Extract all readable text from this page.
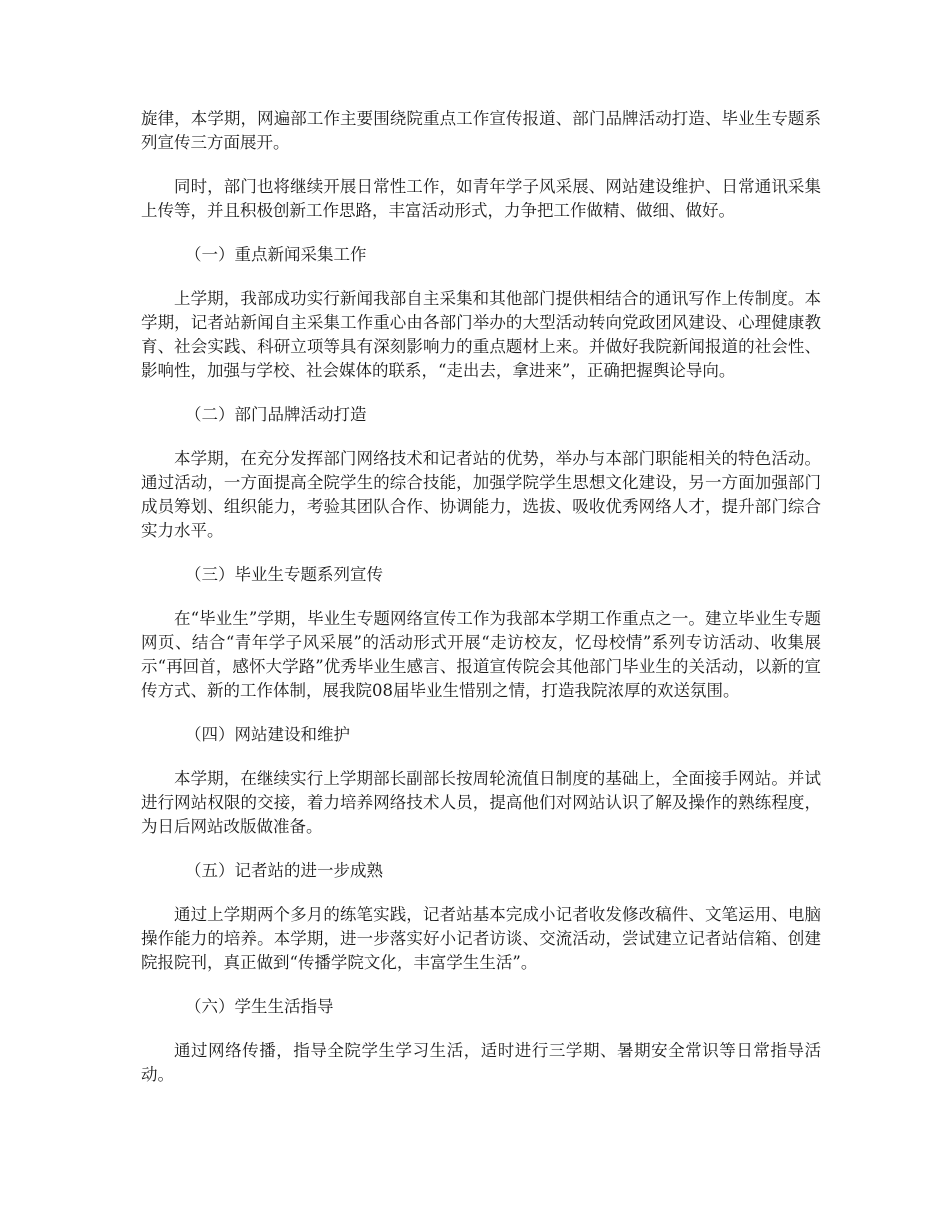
旋律，本学期，网遍部工作主要围绕院重点工作宣传报道、部门品牌活动打造、毕业生专题系列宣传三方面展开。

同时，部门也将继续开展日常性工作，如青年学子风采展、网站建设维护、日常通讯采集上传等，并且积极创新工作思路，丰富活动形式，力争把工作做精、做细、做好。

（一）重点新闻采集工作

上学期，我部成功实行新闻我部自主采集和其他部门提供相结合的通讯写作上传制度。本学期，记者站新闻自主采集工作重心由各部门举办的大型活动转向党政团风建设、心理健康教育、社会实践、科研立项等具有深刻影响力的重点题材上来。并做好我院新闻报道的社会性、影响性，加强与学校、社会媒体的联系，“走出去，拿进来”，正确把握舆论导向。

（二）部门品牌活动打造

本学期，在充分发挥部门网络技术和记者站的优势，举办与本部门职能相关的特色活动。通过活动，一方面提高全院学生的综合技能，加强学院学生思想文化建设，另一方面加强部门成员筹划、组织能力，考验其团队合作、协调能力，选拔、吸收优秀网络人才，提升部门综合实力水平。

（三）毕业生专题系列宣传

在“毕业生”学期，毕业生专题网络宣传工作为我部本学期工作重点之一。建立毕业生专题网页、结合“青年学子风采展”的活动形式开展“走访校友，忆母校情”系列专访活动、收集展示“再回首，感怀大学路”优秀毕业生感言、报道宣传院会其他部门毕业生的关活动，以新的宣传方式、新的工作体制，展我院08届毕业生惜别之情，打造我院浓厚的欢送氛围。

（四）网站建设和维护

本学期，在继续实行上学期部长副部长按周轮流值日制度的基础上，全面接手网站。并试进行网站权限的交接，着力培养网络技术人员，提高他们对网站认识了解及操作的熟练程度，为日后网站改版做准备。

（五）记者站的进一步成熟

通过上学期两个多月的练笔实践，记者站基本完成小记者收发修改稿件、文笔运用、电脑操作能力的培养。本学期，进一步落实好小记者访谈、交流活动，尝试建立记者站信箱、创建院报院刊，真正做到“传播学院文化，丰富学生生活”。

（六）学生生活指导

通过网络传播，指导全院学生学习生活，适时进行三学期、暑期安全常识等日常指导活动。
